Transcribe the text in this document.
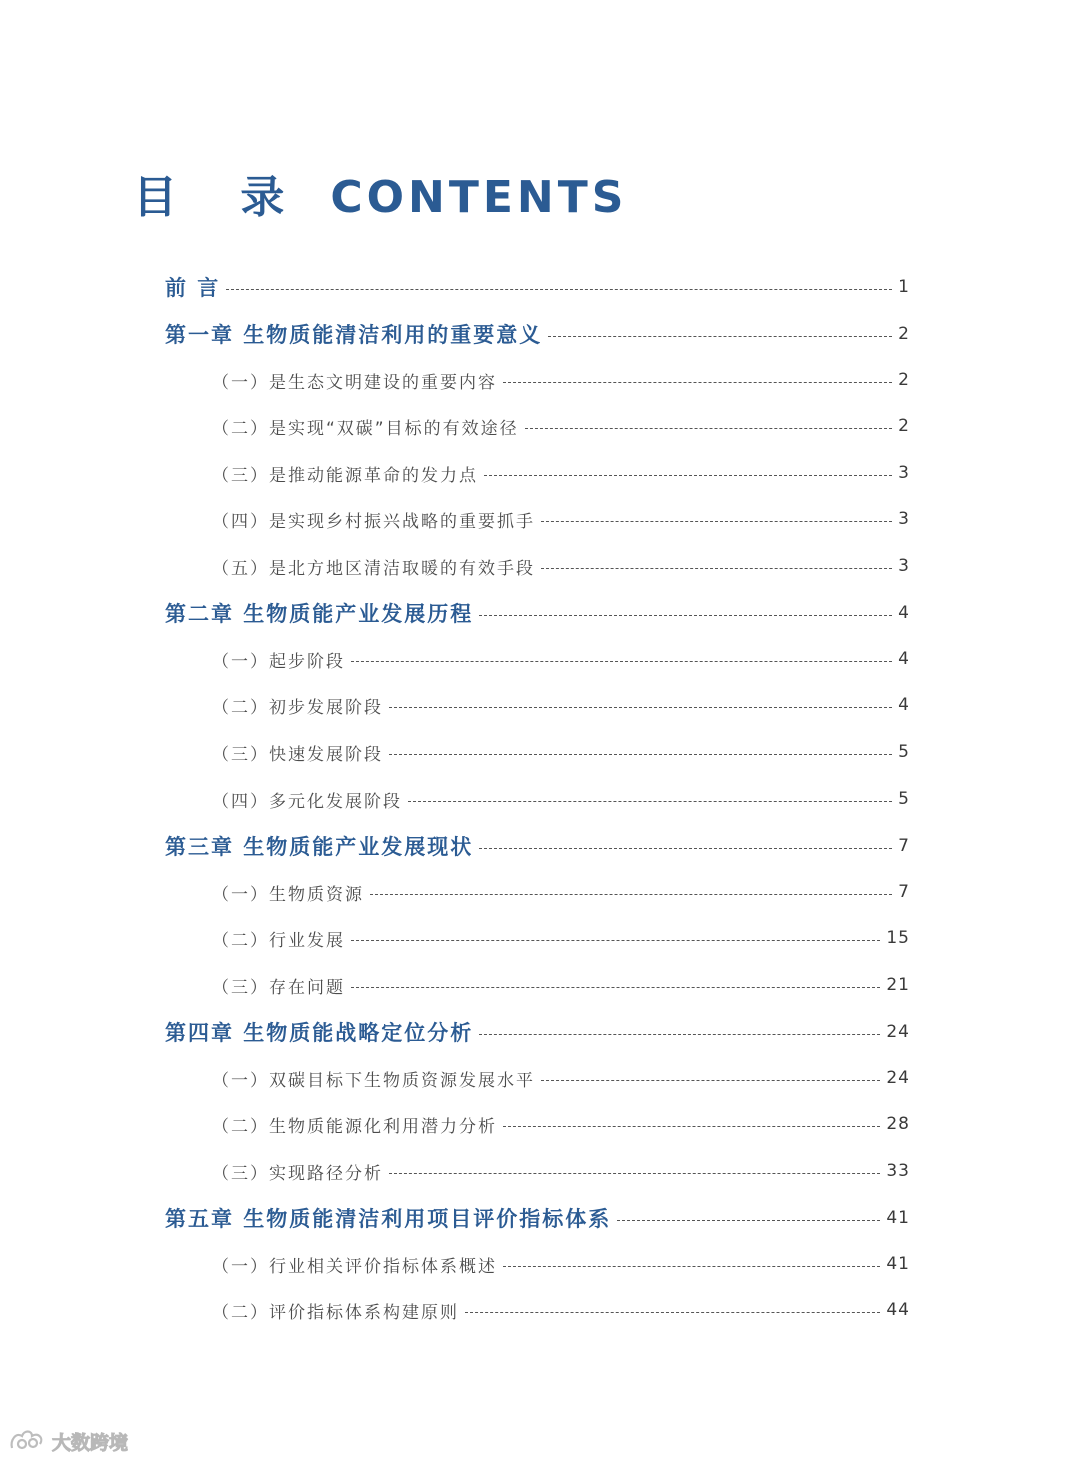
目 录 CONTENTS
前 言	1
第一章 生物质能清洁利用的重要意义	2
（一）是生态文明建设的重要内容	2
（二）是实现“双碳”目标的有效途径	2
（三）是推动能源革命的发力点	3
（四）是实现乡村振兴战略的重要抓手	3
（五）是北方地区清洁取暖的有效手段	3
第二章 生物质能产业发展历程	4
（一）起步阶段	4
（二）初步发展阶段	4
（三）快速发展阶段	5
（四）多元化发展阶段	5
第三章 生物质能产业发展现状	7
（一）生物质资源	7
（二）行业发展	15
（三）存在问题	21
第四章 生物质能战略定位分析	24
（一）双碳目标下生物质资源发展水平	24
（二）生物质能源化利用潜力分析	28
（三）实现路径分析	33
第五章 生物质能清洁利用项目评价指标体系	41
（一）行业相关评价指标体系概述	41
（二）评价指标体系构建原则	44
大数跨境
